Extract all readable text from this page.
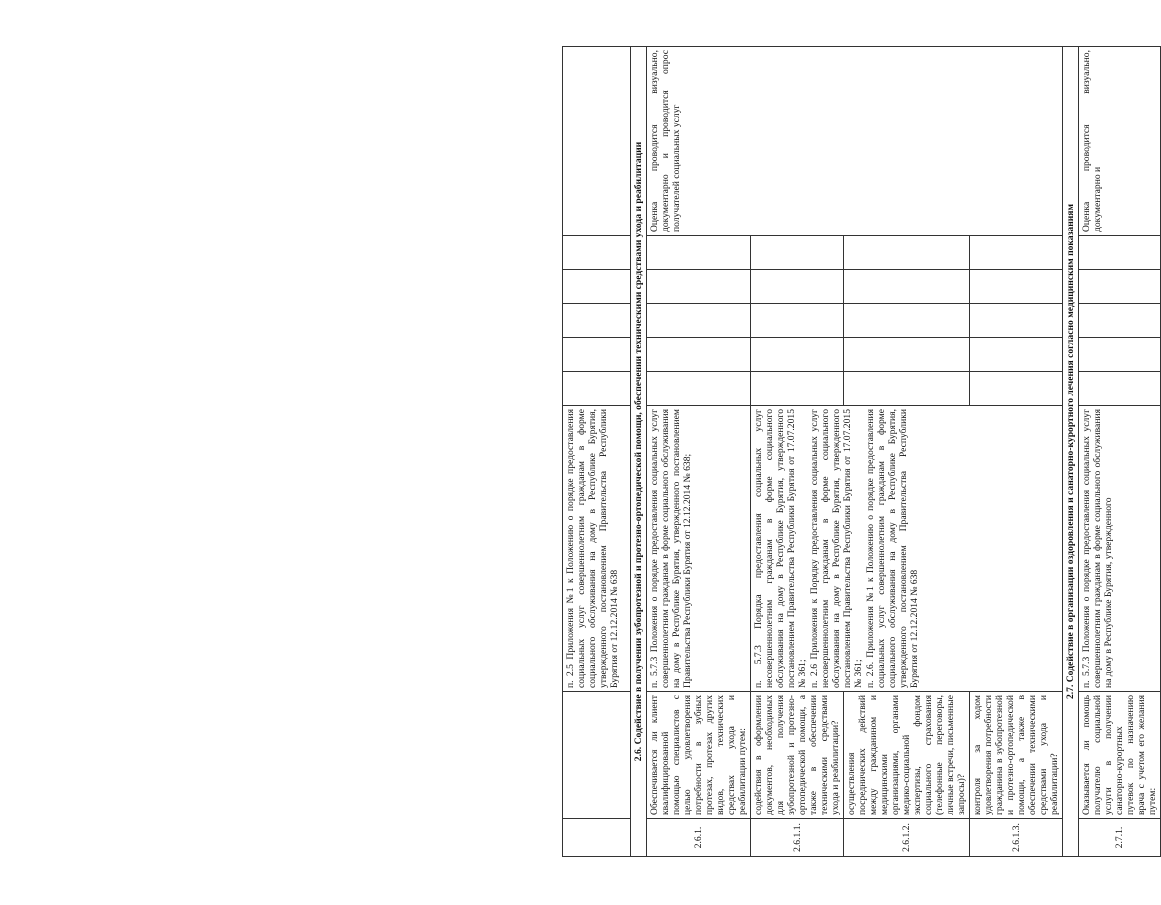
		п. 2.5 Приложения №1 к Положению о порядке предоставления социальных услуг совершеннолетним гражданам в форме социального обслуживания на дому в Республике Бурятия, утвержденного постановлением Правительства Республики Бурятия от 12.12.2014 № 638						

2.6. Содействие в получении зубопротезной и протезно-ортопедической помощи, обеспечении техническими средствами ухода и реабилитации								
2.6.1.	Обеспечивается ли клиент квалифицированной помощью специалистов с целью удовлетворения потребности в зубных протезах, протезах других видов, технических средствах ухода и реабилитации путем:	п. 5.7.3 Положения о порядке предоставления социальных услуг совершеннолетним гражданам в форме социального обслуживания на дому в Республике Бурятия, утвержденного постановлением Правительства Республики Бурятия от 12.12.2014 № 638;						Оценка проводится визуально, документарно и проводится опрос получателей социальных услуг
2.6.1.1.	содействия в оформлении документов, необходимых для получения зубопротезной и протезно-ортопедической помощи, а также в обеспечении техническими средствами ухода и реабилитации?	п. 5.7.3 Порядка предоставления социальных услуг несовершеннолетним гражданам в форме социального обслуживания на дому в Республике Бурятия, утвержденного постановлением Правительства Республики Бурятия от 17.07.2015 № 361; п. 2.6 Приложения к Порядку предоставления социальных услуг несовершеннолетним гражданам в форме социального обслуживания на дому в Республике Бурятия, утвержденного постановлением Правительства Республики Бурятия от 17.07.2015 № 361; п. 2.6. Приложения №1 к Положению о порядке предоставления социальных услуг совершеннолетним гражданам в форме социального обслуживания на дому в Республике Бурятия, утвержденного постановлением Правительства Республики Бурятия от 12.12.2014 № 638						

2.6.1.2.	осуществления посреднических действий между гражданином и медицинскими организациями, органами медико-социальной экспертизы, фондом социального страхования (телефонные переговоры, личные встречи, письменные запросы)?							
2.6.1.3.	контроля за ходом удовлетворения потребности гражданина в зубопротезной и протезно-ортопедической помощи, а также в обеспечении техническими средствами ухода и реабилитации?							
2.7. Содействие в организации оздоровления и санаторно-курортного лечения согласно медицинским показаниям								
2.7.1.	Оказывается ли помощь получателю социальной услуги в получении санаторно-курортных путевок по назначению врача с учетом его желания путем:	п. 5.7.3 Положения о порядке предоставления социальных услуг совершеннолетним гражданам в форме социального обслуживания на дому в Республике Бурятия, утвержденного						Оценка проводится визуально, документарно и
